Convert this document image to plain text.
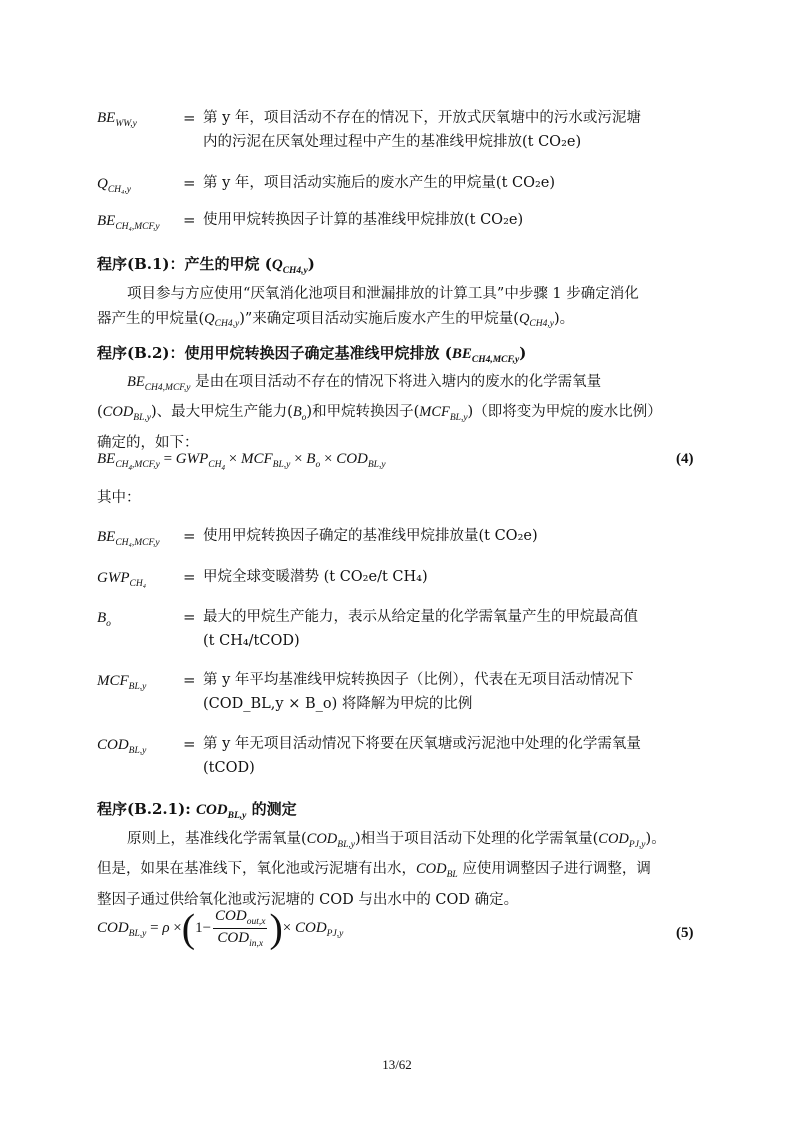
$BE_{WW,y}$	= 第 y 年，项目活动不存在的情况下，开放式厌氧塘中的污水或污泥塘
内的污泥在厌氧处理过程中产生的基准线甲烷排放(t CO₂e)
$Q_{CH_4,y}$	= 第 y 年，项目活动实施后的废水产生的甲烷量(t CO₂e)
$BE_{CH_4,MCF,y}$ = 使用甲烷转换因子计算的基准线甲烷排放(t CO₂e)
程序(B.1)：产生的甲烷 $(Q_{CH4,y})$
项目参与方应使用“厌氧消化池项目和泄漏排放的计算工具”中步骤 1 步确定消化
器产生的甲烷量$(Q_{CH4,y})$”来确定项目活动实施后废水产生的甲烷量$(Q_{CH4,y})$。
程序(B.2)：使用甲烷转换因子确定基准线甲烷排放 $(BE_{CH4,MCF,y})$
$BE_{CH4,MCF,y}$ 是由在项目活动不存在的情况下将进入塘内的废水的化学需氧量
$(COD_{BL,y})$、最大甲烷生产能力$(B_o)$和甲烷转换因子$(MCF_{BL,y})$（即将变为甲烷的废水比例）
确定的，如下：
$BE_{CH_4,MCF,y} = GWP_{CH_4} \times MCF_{BL,y} \times B_o \times COD_{BL,y}$	(4)
其中：
$BE_{CH_4,MCF,y}$ = 使用甲烷转换因子确定的基准线甲烷排放量(t CO₂e)
$GWP_{CH_4}$ = 甲烷全球变暖潜势 (t CO₂e/t CH₄)
$B_o$	= 最大的甲烷生产能力，表示从给定量的化学需氧量产生的甲烷最高值
(t CH₄/tCOD)
$MCF_{BL,y}$ = 第 y 年平均基准线甲烷转换因子（比例），代表在无项目活动情况下
(COD_BL,y × B_o) 将降解为甲烷的比例
$COD_{BL,y}$ = 第 y 年无项目活动情况下将要在厌氧塘或污泥池中处理的化学需氧量
(tCOD)
程序(B.2.1): $COD_{BL,y}$ 的测定
原则上，基准线化学需氧量$(COD_{BL,y})$相当于项目活动下处理的化学需氧量$(COD_{PJ,y})$。
但是，如果在基准线下，氧化池或污泥塘有出水，$COD_{BL}$ 应使用调整因子进行调整，调
整因子通过供给氧化池或污泥塘的 COD 与出水中的 COD 确定。
$COD_{BL,y} = \rho \times(1- \frac{COD_{out,x}}{COD_{in,x}}$ )× $COD_{PJ,y}$	(5)
13/62
